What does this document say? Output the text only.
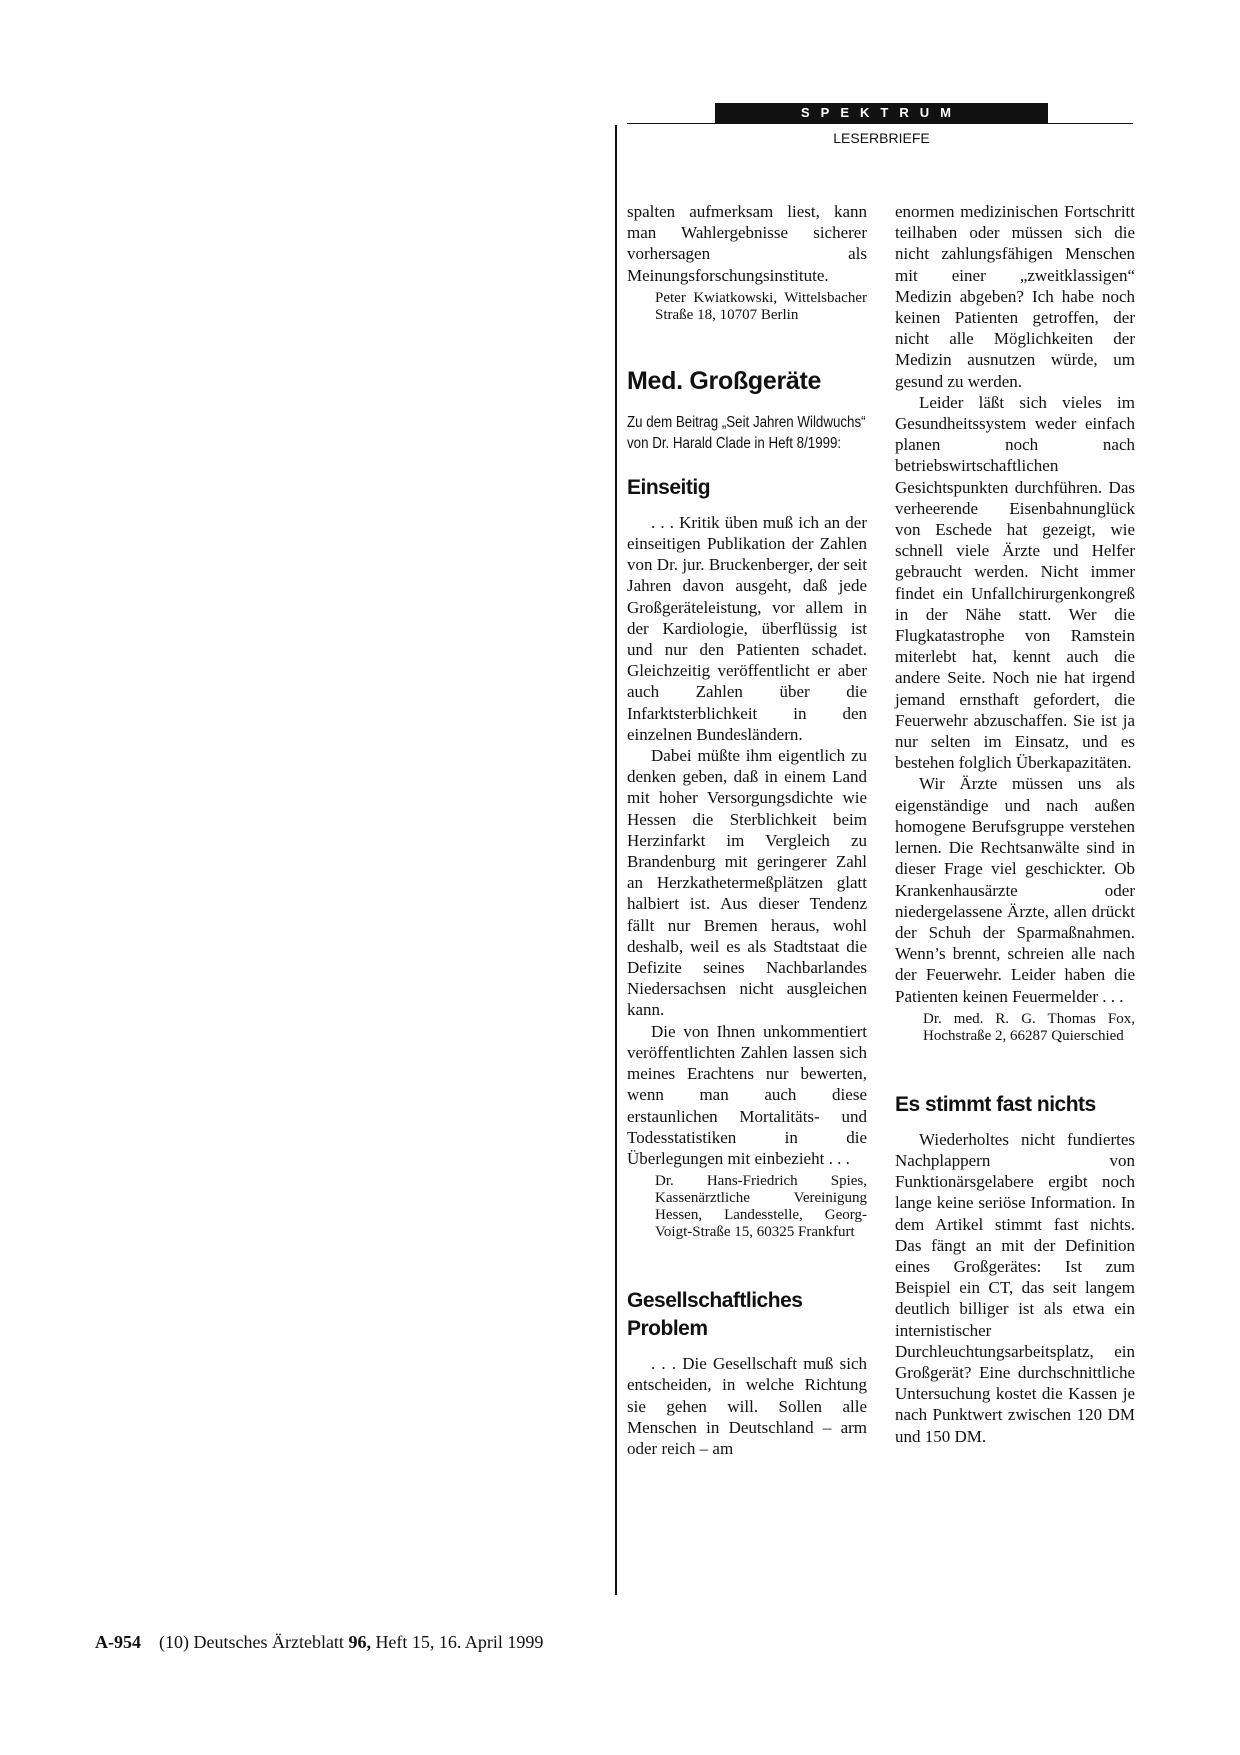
SPEKTRUM
LESERBRIEFE

spalten aufmerksam liest, kann man Wahlergebnisse sicherer vorhersagen als Meinungsforschungsinstitute.

Peter Kwiatkowski, Wittelsbacher Straße 18, 10707 Berlin
Med. Großgeräte
Zu dem Beitrag „Seit Jahren Wildwuchs“ von Dr. Harald Clade in Heft 8/1999:
Einseitig

. . . Kritik üben muß ich an der einseitigen Publikation der Zahlen von Dr. jur. Bruckenberger, der seit Jahren davon ausgeht, daß jede Großgeräteleistung, vor allem in der Kardiologie, überflüssig ist und nur den Patienten schadet. Gleichzeitig veröffentlicht er aber auch Zahlen über die Infarktsterblichkeit in den einzelnen Bundesländern.

Dabei müßte ihm eigentlich zu denken geben, daß in einem Land mit hoher Versorgungsdichte wie Hessen die Sterblichkeit beim Herzinfarkt im Vergleich zu Brandenburg mit geringerer Zahl an Herzkathetermeßplätzen glatt halbiert ist. Aus dieser Tendenz fällt nur Bremen heraus, wohl deshalb, weil es als Stadtstaat die Defizite seines Nachbarlandes Niedersachsen nicht ausgleichen kann.

Die von Ihnen unkommentiert veröffentlichten Zahlen lassen sich meines Erachtens nur bewerten, wenn man auch diese erstaunlichen Mortalitäts- und Todesstatistiken in die Überlegungen mit einbezieht . . .

Dr. Hans-Friedrich Spies, Kassenärztliche Vereinigung Hessen, Landesstelle, Georg-Voigt-Straße 15, 60325 Frankfurt
Gesellschaftliches Problem

. . . Die Gesellschaft muß sich entscheiden, in welche Richtung sie gehen will. Sollen alle Menschen in Deutschland – arm oder reich – am

enormen medizinischen Fortschritt teilhaben oder müssen sich die nicht zahlungsfähigen Menschen mit einer „zweitklassigen“ Medizin abgeben? Ich habe noch keinen Patienten getroffen, der nicht alle Möglichkeiten der Medizin ausnutzen würde, um gesund zu werden.

Leider läßt sich vieles im Gesundheitssystem weder einfach planen noch nach betriebswirtschaftlichen Gesichtspunkten durchführen. Das verheerende Eisenbahnunglück von Eschede hat gezeigt, wie schnell viele Ärzte und Helfer gebraucht werden. Nicht immer findet ein Unfallchirurgenkongreß in der Nähe statt. Wer die Flugkatastrophe von Ramstein miterlebt hat, kennt auch die andere Seite. Noch nie hat irgend jemand ernsthaft gefordert, die Feuerwehr abzuschaffen. Sie ist ja nur selten im Einsatz, und es bestehen folglich Überkapazitäten.

Wir Ärzte müssen uns als eigenständige und nach außen homogene Berufsgruppe verstehen lernen. Die Rechtsanwälte sind in dieser Frage viel geschickter. Ob Krankenhausärzte oder niedergelassene Ärzte, allen drückt der Schuh der Sparmaßnahmen. Wenn’s brennt, schreien alle nach der Feuerwehr. Leider haben die Patienten keinen Feuermelder . . .

Dr. med. R. G. Thomas Fox, Hochstraße 2, 66287 Quierschied
Es stimmt fast nichts

Wiederholtes nicht fundiertes Nachplappern von Funktionärsgelabere ergibt noch lange keine seriöse Information. In dem Artikel stimmt fast nichts. Das fängt an mit der Definition eines Großgerätes: Ist zum Beispiel ein CT, das seit langem deutlich billiger ist als etwa ein internistischer Durchleuchtungsarbeitsplatz, ein Großgerät? Eine durchschnittliche Untersuchung kostet die Kassen je nach Punktwert zwischen 120 DM und 150 DM.

A-954 (10) Deutsches Ärzteblatt 96, Heft 15, 16. April 1999
